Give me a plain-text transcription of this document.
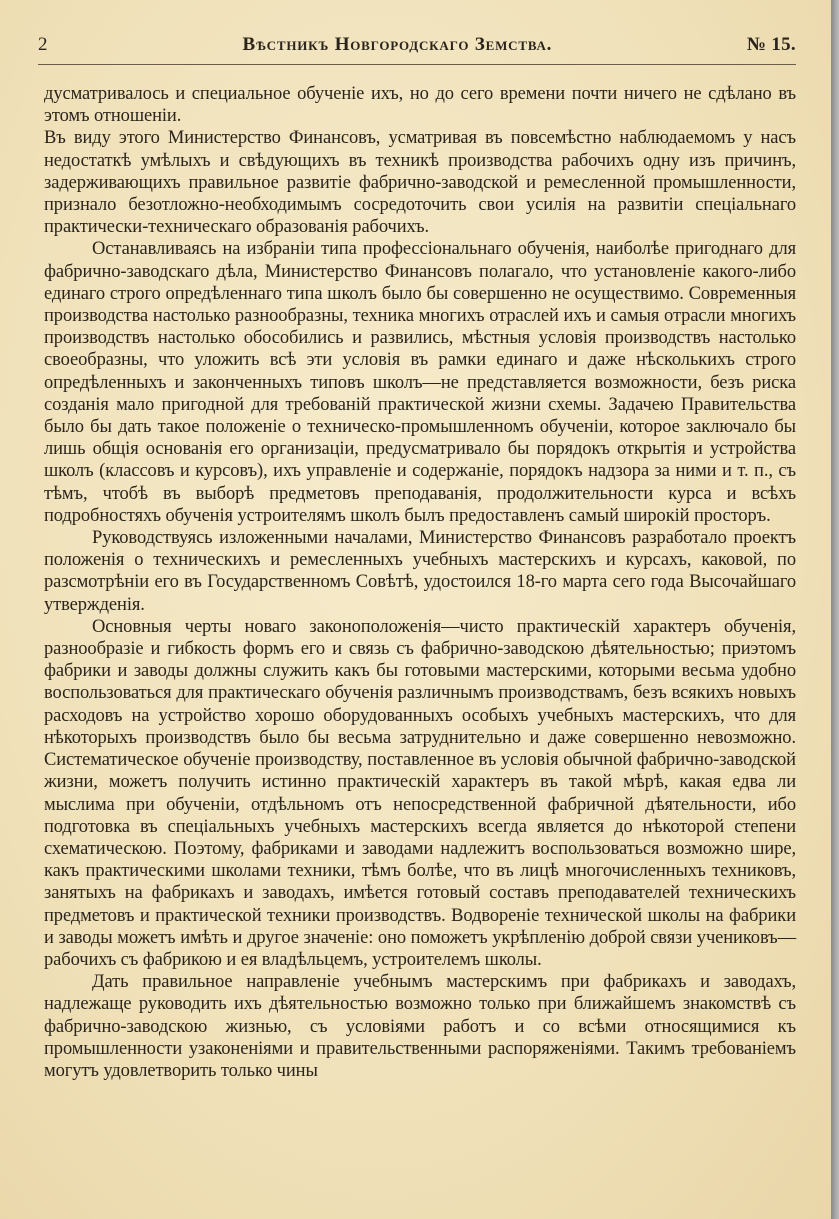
2	Вѣстникъ Новгородскаго Земства.	№ 15.

дусматривалось и специальное обученіе ихъ, но до сего времени почти ничего не сдѣлано въ этомъ отношеніи.

Въ виду этого Министерство Финансовъ, усматривая въ повсемѣстно наблюдаемомъ у насъ недостаткѣ умѣлыхъ и свѣдующихъ въ техникѣ производства рабочихъ одну изъ причинъ, задерживающихъ правильное развитіе фабрично-заводской и ремесленной промышленности, признало безотложно-необходимымъ сосредоточить свои усилія на развитіи спеціальнаго практически-техническаго образованія рабочихъ.

Останавливаясь на избраніи типа профессіональнаго обученія, наиболѣе пригоднаго для фабрично-заводскаго дѣла, Министерство Финансовъ полагало, что установленіе какого-либо единаго строго опредѣленнаго типа школъ было бы совершенно не осуществимо. Современныя производства настолько разнообразны, техника многихъ отраслей ихъ и самыя отрасли многихъ производствъ настолько обособились и развились, мѣстныя условія производствъ настолько своеобразны, что уложить всѣ эти условія въ рамки единаго и даже нѣсколькихъ строго опредѣленныхъ и законченныхъ типовъ школъ—не представляется возможности, безъ риска созданія мало пригодной для требованій практической жизни схемы. Задачею Правительства было бы дать такое положеніе о техническо-промышленномъ обученіи, которое заключало бы лишь общія основанія его организаціи, предусматривало бы порядокъ открытія и устройства школъ (классовъ и курсовъ), ихъ управленіе и содержаніе, порядокъ надзора за ними и т. п., съ тѣмъ, чтобѣ въ выборѣ предметовъ преподаванія, продолжительности курса и всѣхъ подробностяхъ обученія устроителямъ школъ былъ предоставленъ самый широкій просторъ.

Руководствуясь изложенными началами, Министерство Финансовъ разработало проектъ положенія о техническихъ и ремесленныхъ учебныхъ мастерскихъ и курсахъ, каковой, по разсмотрѣніи его въ Государственномъ Совѣтѣ, удостоился 18-го марта сего года Высочайшаго утвержденія.

Основныя черты новаго законоположенія—чисто практическій характеръ обученія, разнообразіе и гибкость формъ его и связь съ фабрично-заводскою дѣятельностью; приэтомъ фабрики и заводы должны служить какъ бы готовыми мастерскими, которыми весьма удобно воспользоваться для практическаго обученія различнымъ производствамъ, безъ всякихъ новыхъ расходовъ на устройство хорошо оборудованныхъ особыхъ учебныхъ мастерскихъ, что для нѣкоторыхъ производствъ было бы весьма затруднительно и даже совершенно невозможно. Систематическое обученіе производству, поставленное въ условія обычной фабрично-заводской жизни, можетъ получить истинно практическій характеръ въ такой мѣрѣ, какая едва ли мыслима при обученіи, отдѣльномъ отъ непосредственной фабричной дѣятельности, ибо подготовка въ спеціальныхъ учебныхъ мастерскихъ всегда является до нѣкоторой степени схематическою. Поэтому, фабриками и заводами надлежитъ воспользоваться возможно шире, какъ практическими школами техники, тѣмъ болѣе, что въ лицѣ многочисленныхъ техниковъ, занятыхъ на фабрикахъ и заводахъ, имѣется готовый составъ преподавателей техническихъ предметовъ и практической техники производствъ. Водвореніе технической школы на фабрики и заводы можетъ имѣть и другое значеніе: оно поможетъ укрѣпленію доброй связи учениковъ—рабочихъ съ фабрикою и ея владѣльцемъ, устроителемъ школы.

Дать правильное направленіе учебнымъ мастерскимъ при фабрикахъ и заводахъ, надлежаще руководить ихъ дѣятельностью возможно только при ближайшемъ знакомствѣ съ фабрично-заводскою жизнью, съ условіями работъ и со всѣми относящимися къ промышленности узаконеніями и правительственными распоряженіями. Такимъ требованіемъ могутъ удовлетворить только чины
